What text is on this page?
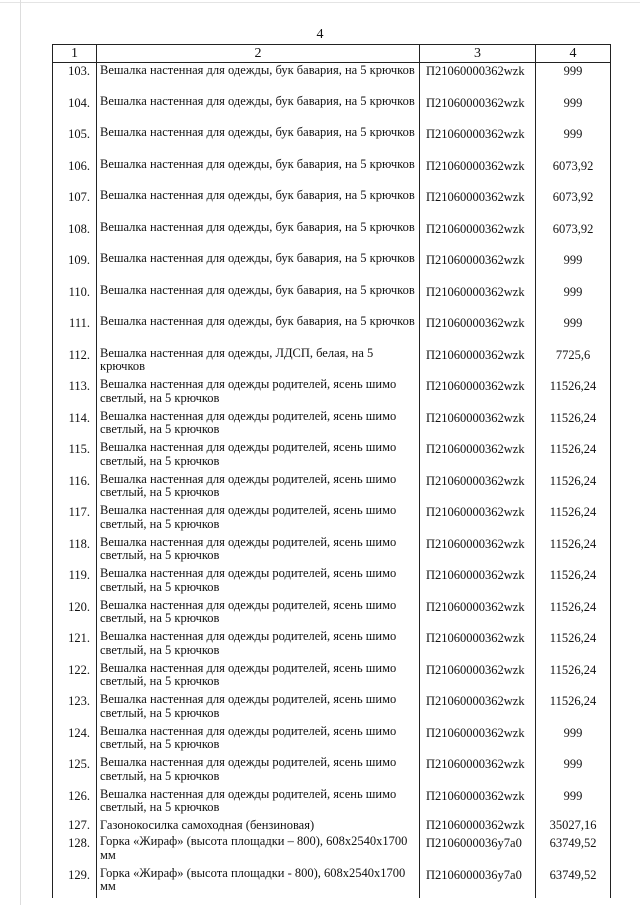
4
1	2	3	4
103.	Вешалка настенная для одежды, бук бавария, на 5 крючков	П21060000362wzk	999
104.	Вешалка настенная для одежды, бук бавария, на 5 крючков	П21060000362wzk	999
105.	Вешалка настенная для одежды, бук бавария, на 5 крючков	П21060000362wzk	999
106.	Вешалка настенная для одежды, бук бавария, на 5 крючков	П21060000362wzk	6073,92
107.	Вешалка настенная для одежды, бук бавария, на 5 крючков	П21060000362wzk	6073,92
108.	Вешалка настенная для одежды, бук бавария, на 5 крючков	П21060000362wzk	6073,92
109.	Вешалка настенная для одежды, бук бавария, на 5 крючков	П21060000362wzk	999
110.	Вешалка настенная для одежды, бук бавария, на 5 крючков	П21060000362wzk	999
111.	Вешалка настенная для одежды, бук бавария, на 5 крючков	П21060000362wzk	999
112.	Вешалка настенная для одежды, ЛДСП, белая, на 5 крючков	П21060000362wzk	7725,6
113.	Вешалка настенная для одежды родителей, ясень шимо светлый, на 5 крючков	П21060000362wzk	11526,24
114.	Вешалка настенная для одежды родителей, ясень шимо светлый, на 5 крючков	П21060000362wzk	11526,24
115.	Вешалка настенная для одежды родителей, ясень шимо светлый, на 5 крючков	П21060000362wzk	11526,24
116.	Вешалка настенная для одежды родителей, ясень шимо светлый, на 5 крючков	П21060000362wzk	11526,24
117.	Вешалка настенная для одежды родителей, ясень шимо светлый, на 5 крючков	П21060000362wzk	11526,24
118.	Вешалка настенная для одежды родителей, ясень шимо светлый, на 5 крючков	П21060000362wzk	11526,24
119.	Вешалка настенная для одежды родителей, ясень шимо светлый, на 5 крючков	П21060000362wzk	11526,24
120.	Вешалка настенная для одежды родителей, ясень шимо светлый, на 5 крючков	П21060000362wzk	11526,24
121.	Вешалка настенная для одежды родителей, ясень шимо светлый, на 5 крючков	П21060000362wzk	11526,24
122.	Вешалка настенная для одежды родителей, ясень шимо светлый, на 5 крючков	П21060000362wzk	11526,24
123.	Вешалка настенная для одежды родителей, ясень шимо светлый, на 5 крючков	П21060000362wzk	11526,24
124.	Вешалка настенная для одежды родителей, ясень шимо светлый, на 5 крючков	П21060000362wzk	999
125.	Вешалка настенная для одежды родителей, ясень шимо светлый, на 5 крючков	П21060000362wzk	999
126.	Вешалка настенная для одежды родителей, ясень шимо светлый, на 5 крючков	П21060000362wzk	999
127.	Газонокосилка самоходная (бензиновая)	П21060000362wzk	35027,16
128.	Горка «Жираф» (высота площадки – 800), 608x2540x1700 мм	П2106000036y7a0	63749,52
129.	Горка «Жираф» (высота площадки - 800), 608x2540x1700 мм	П2106000036y7a0	63749,52
